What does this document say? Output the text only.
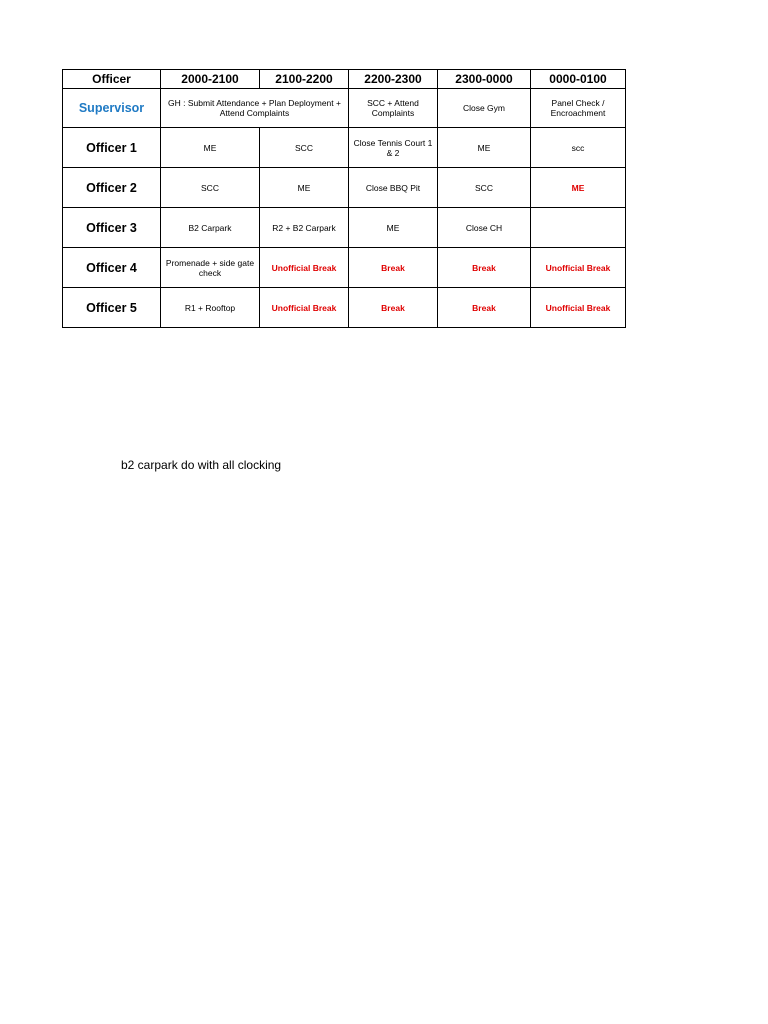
Officer	2000-2100	2100-2200	2200-2300	2300-0000	0000-0100
Supervisor	GH : Submit Attendance + Plan Deployment + Attend Complaints		SCC + Attend Complaints	Close Gym	Panel Check / Encroachment
Officer 1	ME	SCC	Close Tennis Court 1 & 2	ME	scc
Officer 2	SCC	ME	Close BBQ Pit	SCC	ME
Officer 3	B2 Carpark	R2 + B2 Carpark	ME	Close CH	
Officer 4	Promenade + side gate check	Unofficial Break	Break	Break	Unofficial Break
Officer 5	R1 + Rooftop	Unofficial Break	Break	Break	Unofficial Break
b2 carpark do with all clocking
